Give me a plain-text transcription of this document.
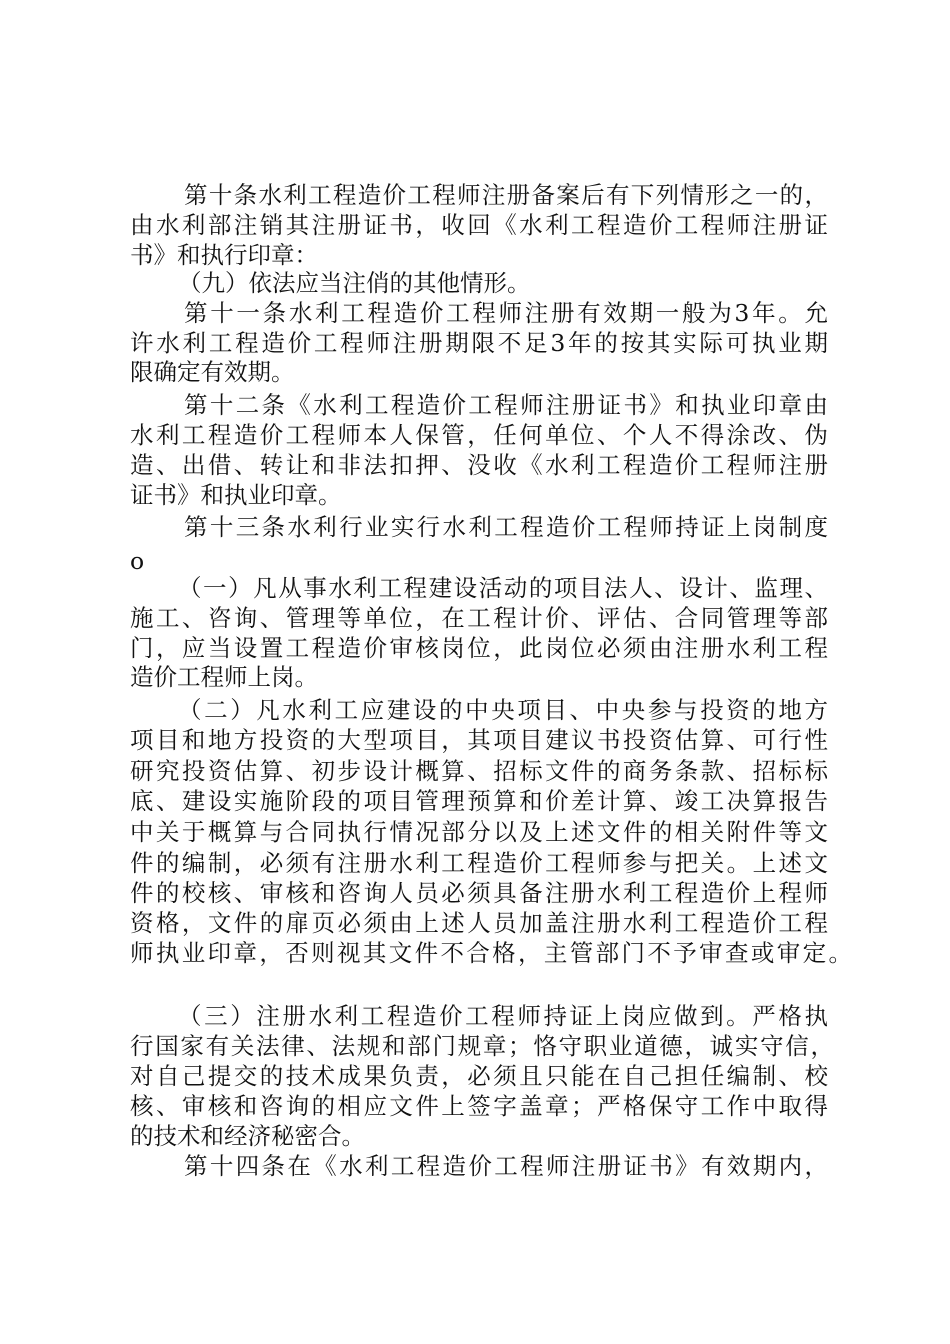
第十条水利工程造价工程师注册备案后有下列情形之一的，
由水利部注销其注册证书，收回《水利工程造价工程师注册证
书》和执行印章：
（九）依法应当注俏的其他情形。
第十一条水利工程造价工程师注册有效期一般为3年。允
许水利工程造价工程师注册期限不足3年的按其实际可执业期
限确定有效期。
第十二条《水利工程造价工程师注册证书》和执业印章由
水利工程造价工程师本人保管，任何单位、个人不得涂改、伪
造、出借、转让和非法扣押、没收《水利工程造价工程师注册
证书》和执业印章。
第十三条水利行业实行水利工程造价工程师持证上岗制度
o
（一）凡从事水利工程建设活动的项目法人、设计、监理、
施工、咨询、管理等单位，在工程计价、评估、合同管理等部
门，应当设置工程造价审核岗位，此岗位必须由注册水利工程
造价工程师上岗。
（二）凡水利工应建设的中央项目、中央参与投资的地方
项目和地方投资的大型项目，其项目建议书投资估算、可行性
研究投资估算、初步设计概算、招标文件的商务条款、招标标
底、建设实施阶段的项目管理预算和价差计算、竣工决算报告
中关于概算与合同执行情况部分以及上述文件的相关附件等文
件的编制，必须有注册水利工程造价工程师参与把关。上述文
件的校核、审核和咨询人员必须具备注册水利工程造价上程师
资格，文件的扉页必须由上述人员加盖注册水利工程造价工程
师执业印章，否则视其文件不合格，主管部门不予审查或审定。
（三）注册水利工程造价工程师持证上岗应做到。严格执
行国家有关法律、法规和部门规章；恪守职业道德，诚实守信，
对自己提交的技术成果负责，必须且只能在自己担任编制、校
核、审核和咨询的相应文件上签字盖章；严格保守工作中取得
的技术和经济秘密合。
第十四条在《水利工程造价工程师注册证书》有效期内，
